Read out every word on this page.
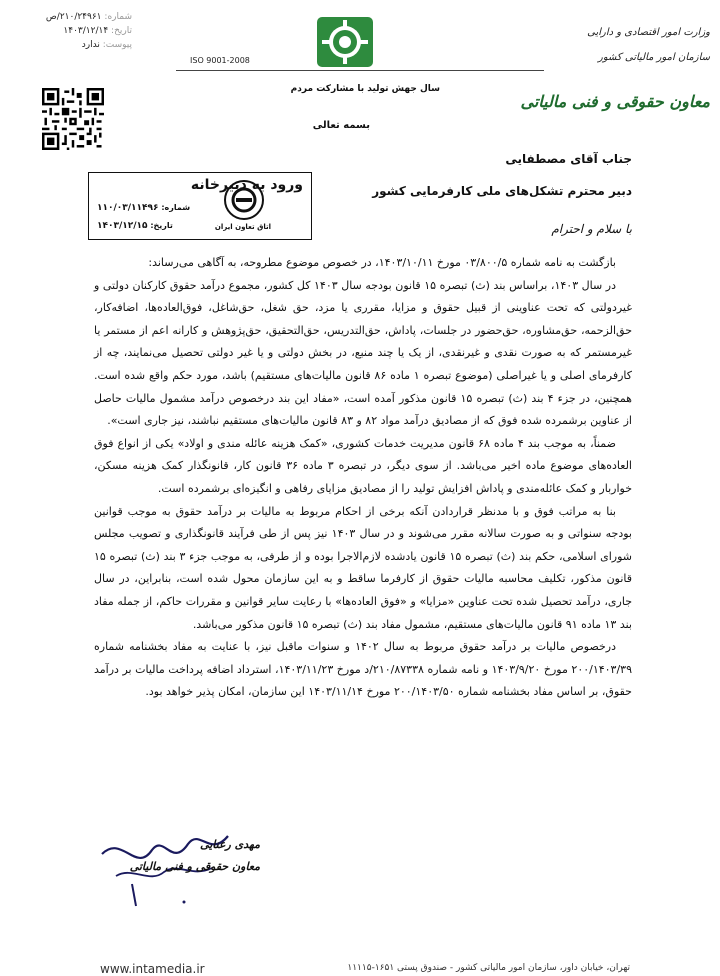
شماره: ۲۱۰/۲۴۹۶۱/ص
تاریخ: ۱۴۰۳/۱۲/۱۴
پیوست: ندارد
ISO 9001-2008
وزارت امور اقتصادی و دارایی
سازمان امور مالیاتی کشور
معاون حقوقی و فنی مالیاتی
سال جهش تولید با مشارکت مردم
بسمه تعالی
ورود به دبیرخانه
اتاق تعاون ایران
شماره: ۱۱۰/۰۳/۱۱۴۹۶
تاریخ: ۱۴۰۳/۱۲/۱۵
جناب آقای مصطفایی
دبیر محترم تشکل‌های ملی کارفرمایی کشور
با سلام و احترام

بازگشت به نامه شماره ۰۳/۸۰۰/۵ مورخ ۱۴۰۳/۱۰/۱۱، در خصوص موضوع مطروحه، به آگاهی می‌رساند:

در سال ۱۴۰۳، براساس بند (ث) تبصره ۱۵ قانون بودجه سال ۱۴۰۳ کل کشور، مجموع درآمد حقوق کارکنان دولتی و غیردولتی که تحت عناوینی از قبیل حقوق و مزایا، مقرری یا مزد، حق شغل، حق‌شاغل، فوق‌العاده‌ها، اضافه‌کار، حق‌الزحمه، حق‌مشاوره، حق‌حضور در جلسات، پاداش، حق‌التدریس، حق‌التحقیق، حق‌پژوهش و کارانه اعم از مستمر یا غیرمستمر که به صورت نقدی و غیرنقدی، از یک یا چند منبع، در بخش دولتی و یا غیر دولتی تحصیل می‌نمایند، چه از کارفرمای اصلی و یا غیراصلی (موضوع تبصره ۱ ماده ۸۶ قانون مالیات‌های مستقیم) باشد، مورد حکم واقع شده است. همچنین، در جزء ۴ بند (ث) تبصره ۱۵ قانون مذکور آمده است، «مفاد این بند درخصوص درآمد مشمول مالیات حاصل از عناوین برشمرده شده فوق که از مصادیق درآمد مواد ۸۲ و ۸۳ قانون مالیات‌های مستقیم نباشند، نیز جاری است».

ضمناً، به موجب بند ۴ ماده ۶۸ قانون مدیریت خدمات کشوری، «کمک هزینه عائله مندی و اولاد» یکی از انواع فوق العاده‌های موضوع ماده اخیر می‌باشد. از سوی دیگر، در تبصره ۳ ماده ۳۶ قانون کار، قانونگذار کمک هزینه مسکن، خواربار و کمک عائله‌مندی و پاداش افزایش تولید را از مصادیق مزایای رفاهی و انگیزه‌ای برشمرده است.

بنا به مراتب فوق و با مدنظر قراردادن آنکه برخی از احکام مربوط به مالیات بر درآمد حقوق به موجب قوانین بودجه سنواتی و به صورت سالانه مقرر می‌شوند و در سال ۱۴۰۳ نیز پس از طی فرآیند قانونگذاری و تصویب مجلس شورای اسلامی، حکم بند (ث) تبصره ۱۵ قانون یادشده لازم‌الاجرا بوده و از طرفی، به موجب جزء ۳ بند (ث) تبصره ۱۵ قانون مذکور، تکلیف محاسبه مالیات حقوق از کارفرما ساقط و به این سازمان محول شده است، بنابراین، در سال جاری، درآمد تحصیل شده تحت عناوین «مزایا» و «فوق العاده‌ها» با رعایت سایر قوانین و مقررات حاکم، از جمله مفاد بند ۱۳ ماده ۹۱ قانون مالیات‌های مستقیم، مشمول مفاد بند (ث) تبصره ۱۵ قانون مذکور می‌باشد.

درخصوص مالیات بر درآمد حقوق مربوط به سال ۱۴۰۲ و سنوات ماقبل نیز، با عنایت به مفاد بخشنامه شماره ۲۰۰/۱۴۰۳/۳۹ مورخ ۱۴۰۳/۹/۲۰ و نامه شماره ۲۱۰/۸۷۳۳۸/د مورخ ۱۴۰۳/۱۱/۲۳، استرداد اضافه پرداخت مالیات بر درآمد حقوق، بر اساس مفاد بخشنامه شماره ۲۰۰/۱۴۰۳/۵۰ مورخ ۱۴۰۳/۱۱/۱۴ این سازمان، امکان پذیر خواهد بود.

مهدی رعنایی
معاون حقوقی و فنی مالیاتی
www.intamedia.ir	تهران، خیابان داور، سازمان امور مالیاتی کشور - صندوق پستی ۱۶۵۱-۱۱۱۱۵
